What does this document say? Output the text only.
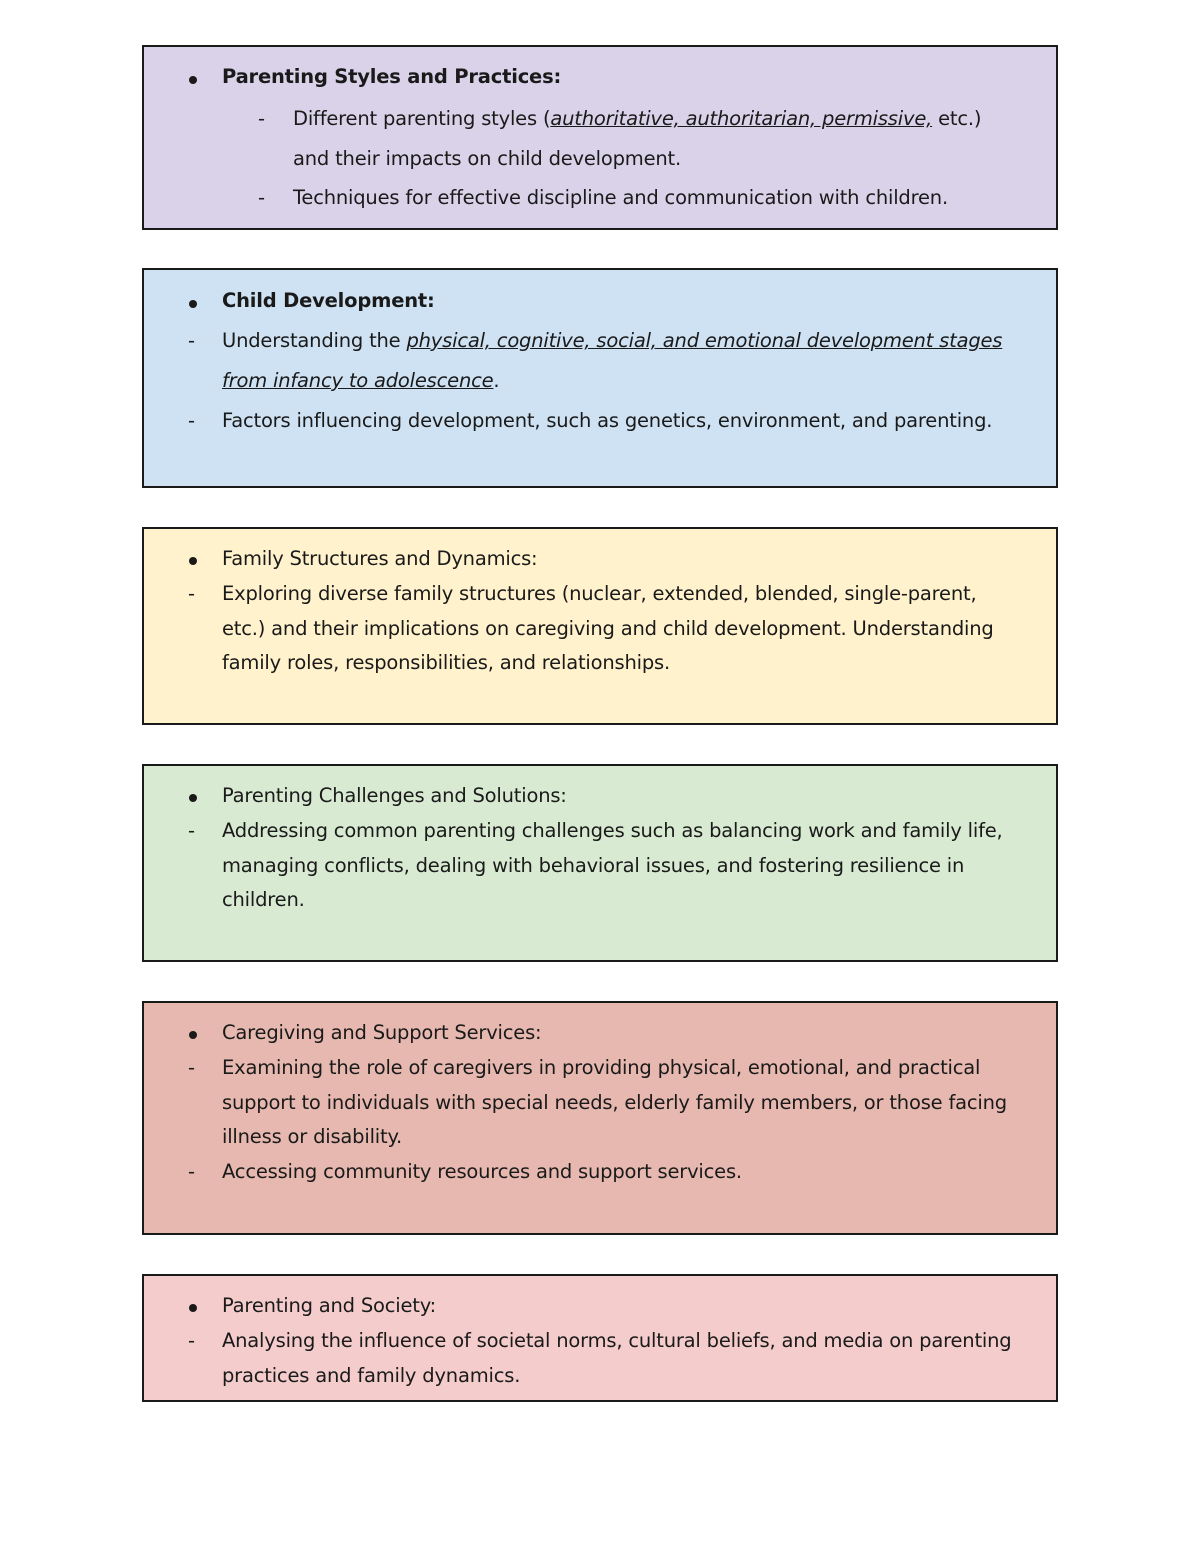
Parenting Styles and Practices:
- Different parenting styles (authoritative, authoritarian, permissive, etc.)
and their impacts on child development.
- Techniques for effective discipline and communication with children.
Child Development:
- Understanding the physical, cognitive, social, and emotional development stages
from infancy to adolescence.
- Factors influencing development, such as genetics, environment, and parenting.
Family Structures and Dynamics:
- Exploring diverse family structures (nuclear, extended, blended, single-parent,
etc.) and their implications on caregiving and child development. Understanding
family roles, responsibilities, and relationships.
Parenting Challenges and Solutions:
- Addressing common parenting challenges such as balancing work and family life,
managing conflicts, dealing with behavioral issues, and fostering resilience in
children.
Caregiving and Support Services:
- Examining the role of caregivers in providing physical, emotional, and practical
support to individuals with special needs, elderly family members, or those facing
illness or disability.
- Accessing community resources and support services.
Parenting and Society:
- Analysing the influence of societal norms, cultural beliefs, and media on parenting
practices and family dynamics.
